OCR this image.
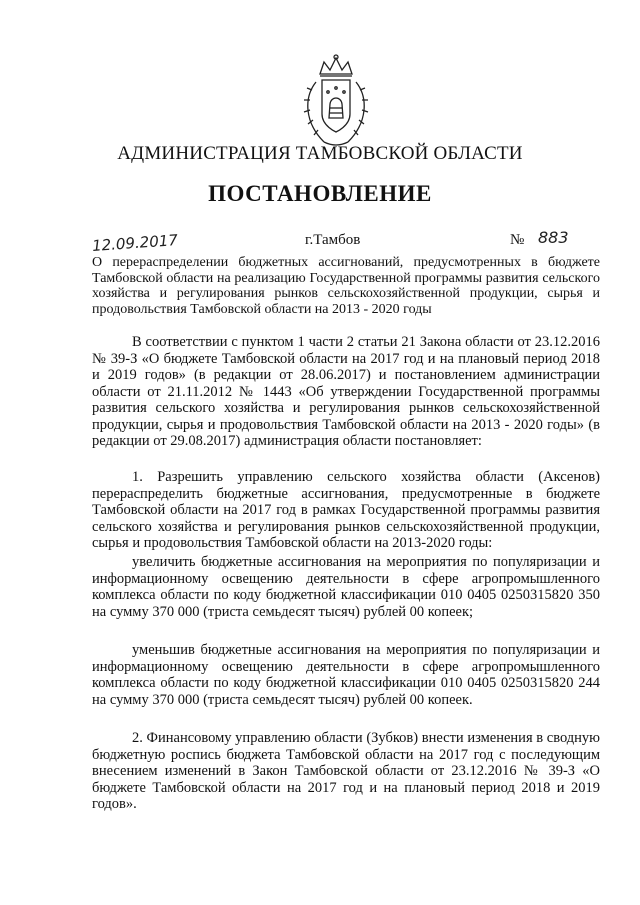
АДМИНИСТРАЦИЯ ТАМБОВСКОЙ ОБЛАСТИ
ПОСТАНОВЛЕНИЕ
12.09.2017	г.Тамбов	№ 883
О перераспределении бюджетных ассигнований, предусмотренных в бюджете Тамбовской области на реализацию Государственной программы развития сельского хозяйства и регулирования рынков сельскохозяйственной продукции, сырья и продовольствия Тамбовской области на 2013 - 2020 годы

В соответствии с пунктом 1 части 2 статьи 21 Закона области от 23.12.2016 № 39-З «О бюджете Тамбовской области на 2017 год и на плановый период 2018 и 2019 годов» (в редакции от 28.06.2017) и постановлением администрации области от 21.11.2012 № 1443 «Об утверждении Государственной программы развития сельского хозяйства и регулирования рынков сельскохозяйственной продукции, сырья и продовольствия Тамбовской области на 2013 - 2020 годы» (в редакции от 29.08.2017) администрация области постановляет:

1. Разрешить управлению сельского хозяйства области (Аксенов) перераспределить бюджетные ассигнования, предусмотренные в бюджете Тамбовской области на 2017 год в рамках Государственной программы развития сельского хозяйства и регулирования рынков сельскохозяйственной продукции, сырья и продовольствия Тамбовской области на 2013-2020 годы:

увеличить бюджетные ассигнования на мероприятия по популяризации и информационному освещению деятельности в сфере агропромышленного комплекса области по коду бюджетной классификации 010 0405 0250315820 350 на сумму 370 000 (триста семьдесят тысяч) рублей 00 копеек;

уменьшив бюджетные ассигнования на мероприятия по популяризации и информационному освещению деятельности в сфере агропромышленного комплекса области по коду бюджетной классификации 010 0405 0250315820 244 на сумму 370 000 (триста семьдесят тысяч) рублей 00 копеек.

2. Финансовому управлению области (Зубков) внести изменения в сводную бюджетную роспись бюджета Тамбовской области на 2017 год с последующим внесением изменений в Закон Тамбовской области от 23.12.2016 № 39-З «О бюджете Тамбовской области на 2017 год и на плановый период 2018 и 2019 годов».
